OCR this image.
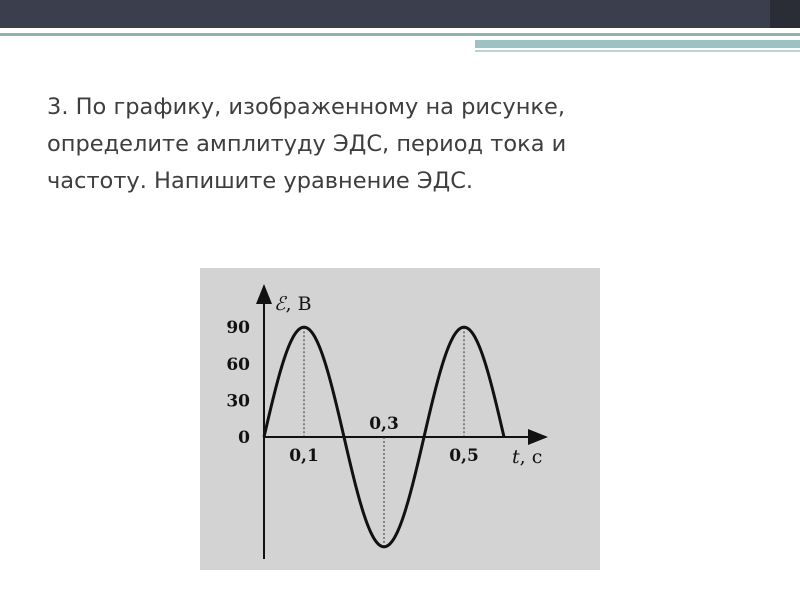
3. По графику, изображенному на рисунке,
определите амплитуду ЭДС, период тока и
частоту. Напишите уравнение ЭДС.

90
60
30
0
0,1	0,5
0,3
ℰ, В
t, с
